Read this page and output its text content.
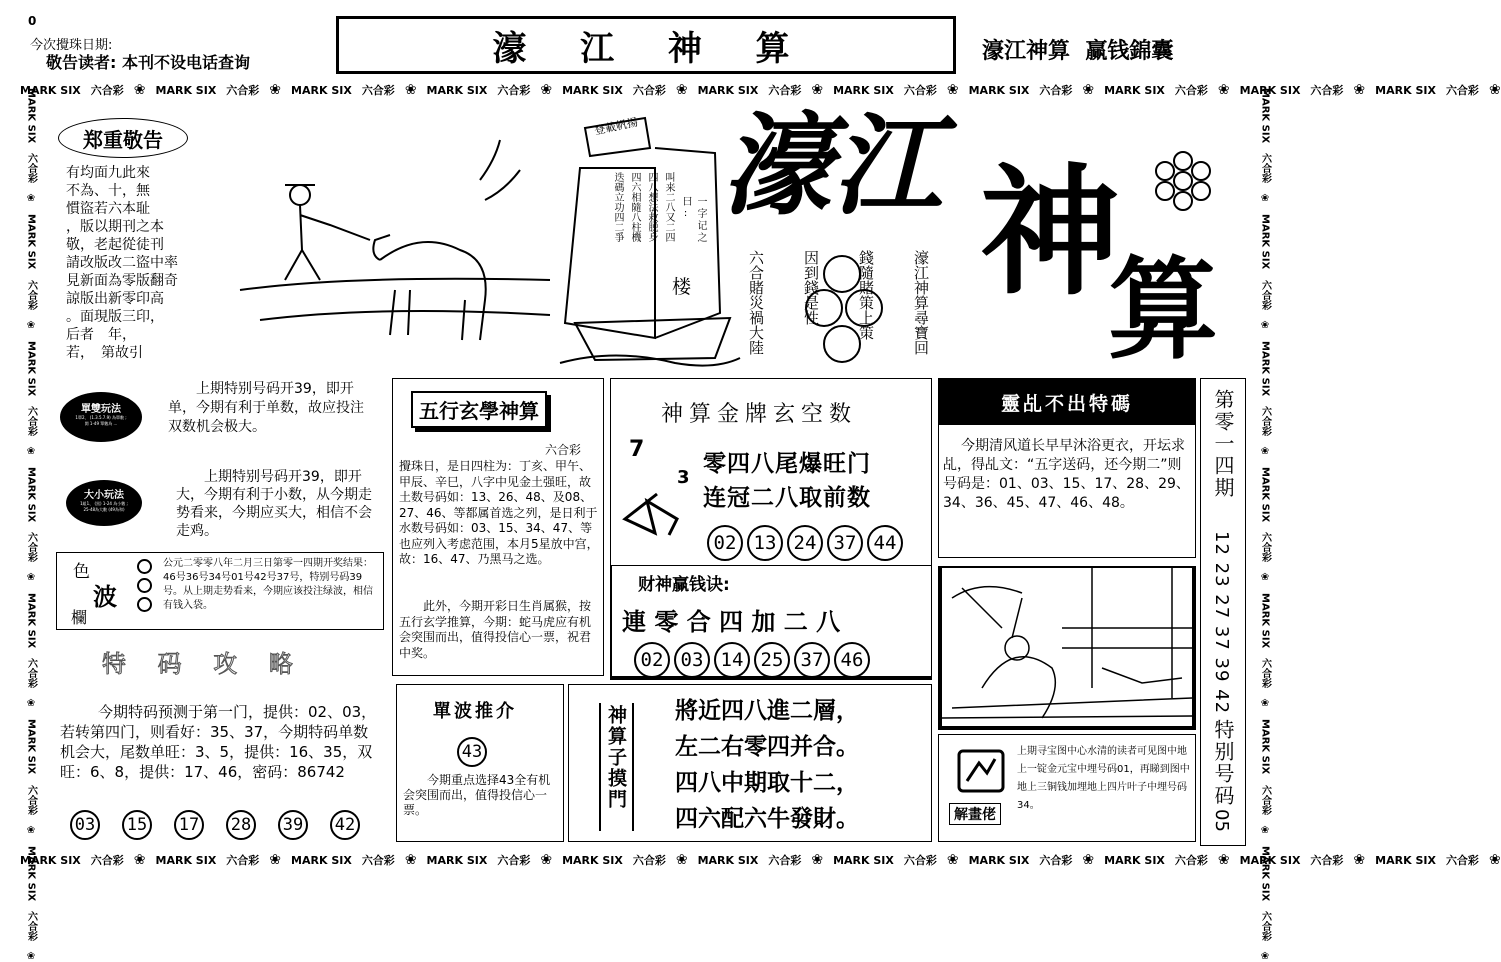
0
今次攪珠日期:
敬告读者: 本刊不设电话查询	濠  江  神  算	濠江神算  赢钱錦囊
MARK SIX 六合彩 ❀ MARK SIX 六合彩 ❀ MARK SIX 六合彩 ❀ MARK SIX 六合彩 ❀ MARK SIX 六合彩 ❀ MARK SIX 六合彩 ❀ MARK SIX 六合彩 ❀ MARK SIX 六合彩 ❀ MARK SIX 六合彩 ❀ MARK SIX 六合彩 ❀ MARK SIX 六合彩 ❀
MARK SIX 六合彩 ❀ MARK SIX 六合彩 ❀ MARK SIX 六合彩 ❀ MARK SIX 六合彩 ❀ MARK SIX 六合彩 ❀ MARK SIX 六合彩 ❀ MARK SIX 六合彩 ❀ MARK SIX 六合彩 ❀ MARK SIX 六合彩 ❀ MARK SIX 六合彩 ❀ MARK SIX 六合彩 ❀
MARK SIX
六合彩
❀
MARK SIX
六合彩
❀
MARK SIX
六合彩
❀
MARK SIX
六合彩
❀
MARK SIX
六合彩
❀
MARK SIX
六合彩
❀
MARK SIX
六合彩
❀
MARK SIX
六合彩
❀
MARK SIX
六合彩
❀
MARK SIX
六合彩
❀
MARK SIX
六合彩
❀
MARK SIX
六合彩
❀
MARK SIX
六合彩
❀
MARK SIX
六合彩
❀
郑重敬告
有均面九此來
不為、十，無
慣盜若六本耻
，版以期刊之本
敬，老起從徒刊
請改版改二盜中率
見新面為零版翻奇
諒版出新零印高
。面現版三印，
后者　年，
若，　第故引
登載帆揚
叫来二八又二四
四八想法救脱身
四六相隨八柱機
迭碼立功四二爭	一字记之曰:
楼
濠江 神
算
濠江神算尋寶回
錢隨賭策上策
因到錢是性
六合賭災禍大陸
單雙玩法
1單2、 (1.3.5.7.9) 為單數 ;
開 1-49 單數為 ...
上期特别号码开39，即开单，今期有利于单数，故应投注双数机会极大。
大小玩法
1組1、 (黑) 1-24 為小數 ;
25-48為大數 (49為和)
上期特别号码开39，即开大，今期有利于小数，从今期走势看来，今期应买大，相信不会走鸡。
色
波
欄
公元二零零八年二月三日第零一四期开奖结果：46号36号34号01号42号37号，特别号码39号。从上期走势看来，今期应该投注绿波，相信有钱入袋。
特 码 攻 略
今期特码预测于第一门，提供：02、03，若转第四门，则看好：35、37，今期特码单数机会大，尾数单旺：3、5，提供：16、35，双旺：6、8，提供：17、46，密码：86742
03 15 17 28 39 42
五行玄學神算
六合彩
攪珠日，是日四柱为：丁亥、甲午、甲辰、辛巳，八字中见金土强旺，故土数号码如：13、26、48、及08、27、46、等都属首选之列，是日利于水数号码如：03、15、34、47、等也应列入考虑范围，本月5星放中宫，故：16、47、乃黑马之选。
此外，今期开彩日生肖属猴，按五行玄学推算，今期：蛇马虎应有机会突围而出，值得投信心一票，祝君中奖。
單波推介
43
今期重点选择43全有机会突围而出，值得投信心一票。
神算金牌玄空数
7
3
零四八尾爆旺门
连冠二八取前数
02 13 24 37 44
财神赢钱诀:
連 零 合 四 加 二 八
02 03 14 25 37 46
神算子摸門	將近四八進二層，
左二右零四并合。
四八中期取十二，
四六配六牛發財。
靈乩不出特碼
今期清风道长早早沐浴更衣，开坛求乩，得乩文：“五字送码，还今期二”则号码是：01、03、15、17、28、29、34、36、45、47、46、48。
第零一四期
12 23 27 37 39 42
特别号码
05
解畫佬
上期寻宝图中心水清的读者可见图中地上一锭金元宝中埋号码01，再睇到图中地上三铜钱加埋地上四片叶子中埋号码34。
